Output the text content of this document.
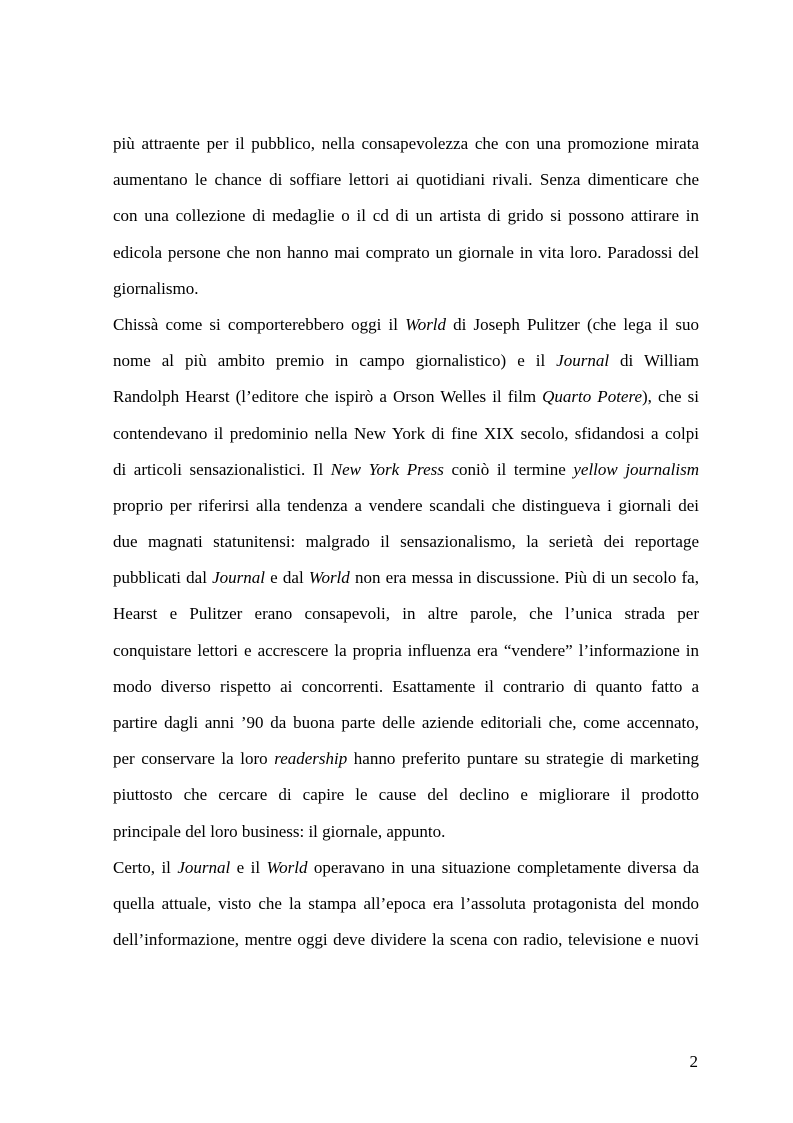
più attraente per il pubblico, nella consapevolezza che con una promozione mirata
aumentano le chance di soffiare lettori ai quotidiani rivali. Senza dimenticare che
con una collezione di medaglie o il cd di un artista di grido si possono attirare in
edicola persone che non hanno mai comprato un giornale in vita loro. Paradossi del
giornalismo.

Chissà come si comporterebbero oggi il World di Joseph Pulitzer (che lega il suo
nome al più ambito premio in campo giornalistico) e il Journal di William
Randolph Hearst (l’editore che ispirò a Orson Welles il film Quarto Potere), che si
contendevano il predominio nella New York di fine XIX secolo, sfidandosi a colpi
di articoli sensazionalistici. Il New York Press coniò il termine yellow journalism
proprio per riferirsi alla tendenza a vendere scandali che distingueva i giornali dei
due magnati statunitensi: malgrado il sensazionalismo, la serietà dei reportage
pubblicati dal Journal e dal World non era messa in discussione. Più di un secolo fa,
Hearst e Pulitzer erano consapevoli, in altre parole, che l’unica strada per
conquistare lettori e accrescere la propria influenza era “vendere” l’informazione in
modo diverso rispetto ai concorrenti. Esattamente il contrario di quanto fatto a
partire dagli anni ’90 da buona parte delle aziende editoriali che, come accennato,
per conservare la loro readership hanno preferito puntare su strategie di marketing
piuttosto che cercare di capire le cause del declino e migliorare il prodotto
principale del loro business: il giornale, appunto.

Certo, il Journal e il World operavano in una situazione completamente diversa da
quella attuale, visto che la stampa all’epoca era l’assoluta protagonista del mondo
dell’informazione, mentre oggi deve dividere la scena con radio, televisione e nuovi

2
